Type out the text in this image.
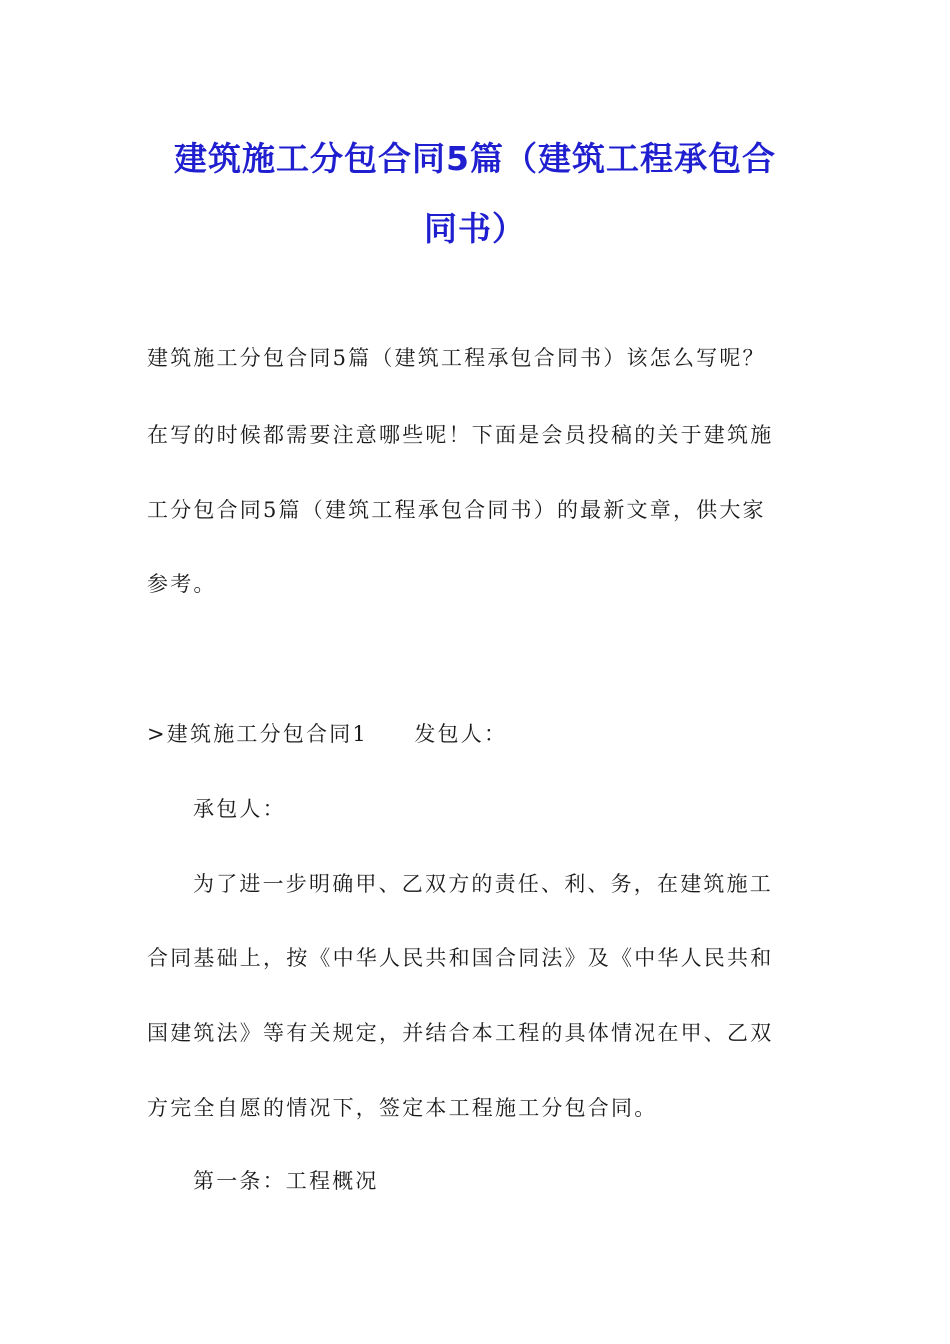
建筑施工分包合同5篇（建筑工程承包合
同书）
建筑施工分包合同5篇（建筑工程承包合同书）该怎么写呢？
在写的时候都需要注意哪些呢！下面是会员投稿的关于建筑施
工分包合同5篇（建筑工程承包合同书）的最新文章，供大家
参考。
>建筑施工分包合同1　　发包人：
承包人：
为了进一步明确甲、乙双方的责任、利、务，在建筑施工
合同基础上，按《中华人民共和国合同法》及《中华人民共和
国建筑法》等有关规定，并结合本工程的具体情况在甲、乙双
方完全自愿的情况下，签定本工程施工分包合同。
第一条：工程概况
